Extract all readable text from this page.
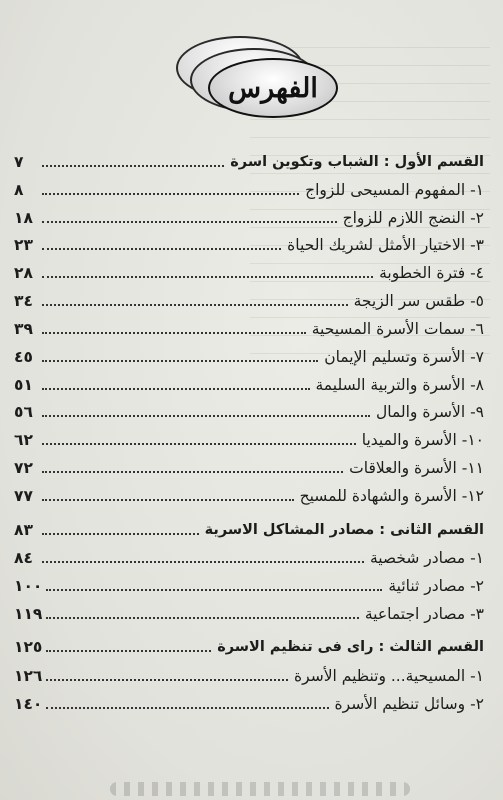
الفهرس
القسم الأول : الشباب وتكوين اسرة
٧
١- المفهوم المسيحى للزواج
٨
٢- النضج اللازم للزواج
١٨
٣- الاختيار الأمثل لشريك الحياة
٢٣
٤- فترة الخطوبة
٢٨
٥- طقس سر الزيجة
٣٤
٦- سمات الأسرة المسيحية
٣٩
٧- الأسرة وتسليم الإيمان
٤٥
٨- الأسرة والتربية السليمة
٥١
٩- الأسرة والمال
٥٦
١٠- الأسرة والميديا
٦٢
١١- الأسرة والعلاقات
٧٢
١٢- الأسرة والشهادة للمسيح
٧٧
القسم الثانى : مصادر المشاكل الاسرية
٨٣
١- مصادر شخصية
٨٤
٢- مصادر ثنائية
١٠٠
٣- مصادر اجتماعية
١١٩
القسم الثالث : راى فى تنظيم الاسرة
١٢٥
١- المسيحية... وتنظيم الأسرة
١٢٦
٢- وسائل تنظيم الأسرة
١٤٠
